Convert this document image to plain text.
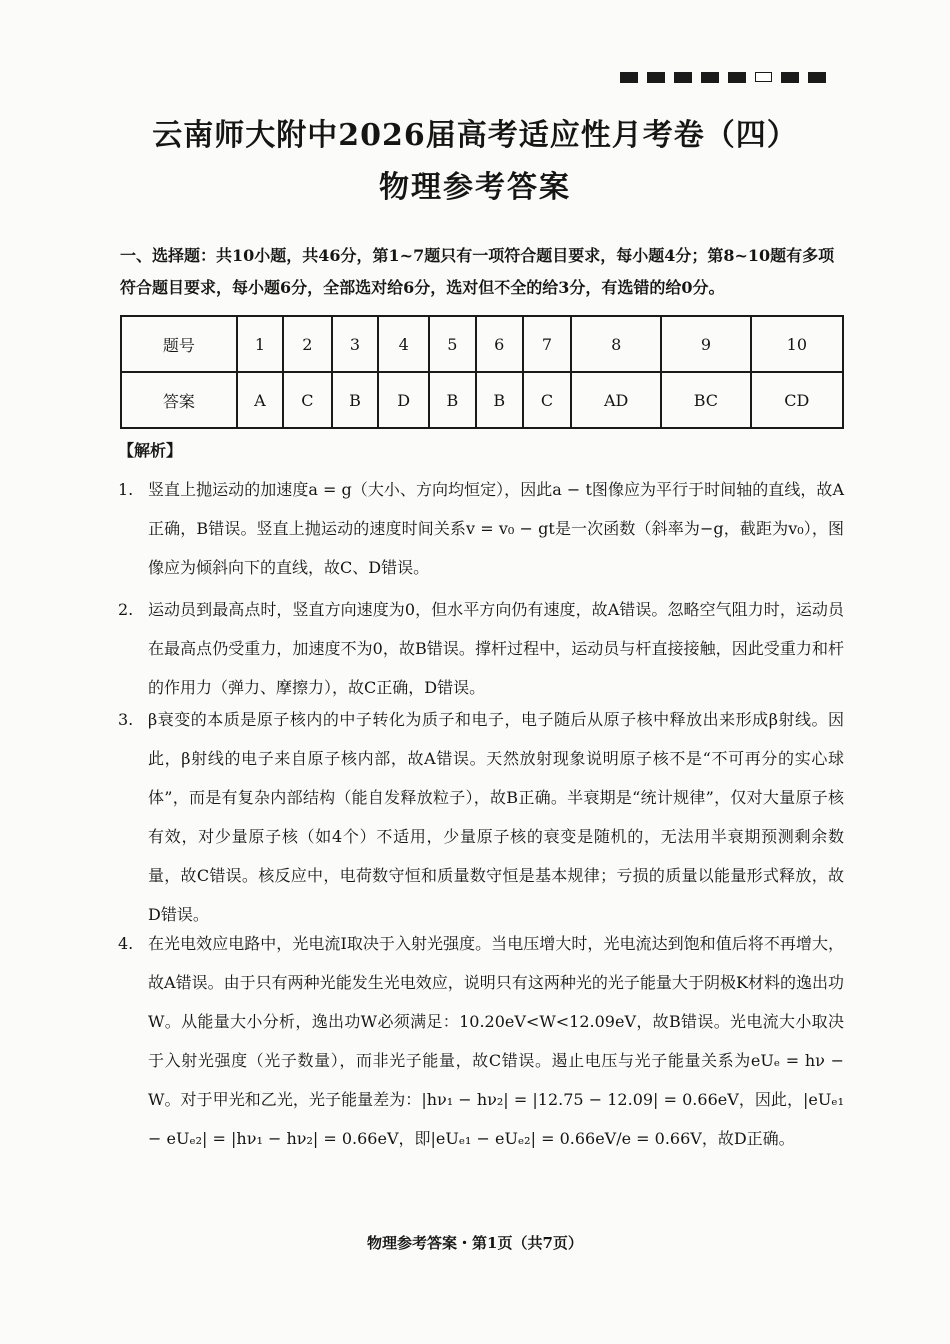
云南师大附中2026届高考适应性月考卷（四）
物理参考答案
一、选择题：共10小题，共46分，第1~7题只有一项符合题目要求，每小题4分；第8~10题有多项符合题目要求，每小题6分，全部选对给6分，选对但不全的给3分，有选错的给0分。
题号	1	2	3	4	5	6	7	8	9	10
答案	A	C	B	D	B	B	C	AD	BC	CD
【解析】
1. 竖直上抛运动的加速度a = g（大小、方向均恒定），因此a − t图像应为平行于时间轴的直线，故A正确，B错误。竖直上抛运动的速度时间关系v = v₀ − gt是一次函数（斜率为−g，截距为v₀），图像应为倾斜向下的直线，故C、D错误。
2. 运动员到最高点时，竖直方向速度为0，但水平方向仍有速度，故A错误。忽略空气阻力时，运动员在最高点仍受重力，加速度不为0，故B错误。撑杆过程中，运动员与杆直接接触，因此受重力和杆的作用力（弹力、摩擦力），故C正确，D错误。
3. β衰变的本质是原子核内的中子转化为质子和电子，电子随后从原子核中释放出来形成β射线。因此，β射线的电子来自原子核内部，故A错误。天然放射现象说明原子核不是“不可再分的实心球体”，而是有复杂内部结构（能自发释放粒子），故B正确。半衰期是“统计规律”，仅对大量原子核有效，对少量原子核（如4个）不适用，少量原子核的衰变是随机的，无法用半衰期预测剩余数量，故C错误。核反应中，电荷数守恒和质量数守恒是基本规律；亏损的质量以能量形式释放，故D错误。
4. 在光电效应电路中，光电流I取决于入射光强度。当电压增大时，光电流达到饱和值后将不再增大，故A错误。由于只有两种光能发生光电效应，说明只有这两种光的光子能量大于阴极K材料的逸出功W。从能量大小分析，逸出功W必须满足：10.20eV<W<12.09eV，故B错误。光电流大小取决于入射光强度（光子数量），而非光子能量，故C错误。遏止电压与光子能量关系为eUₑ = hν − W。对于甲光和乙光，光子能量差为：|hν₁ − hν₂| = |12.75 − 12.09| = 0.66eV，因此，|eUₑ₁ − eUₑ₂| = |hν₁ − hν₂| = 0.66eV，即|eUₑ₁ − eUₑ₂| = 0.66eV/e = 0.66V，故D正确。
物理参考答案・第1页（共7页）
